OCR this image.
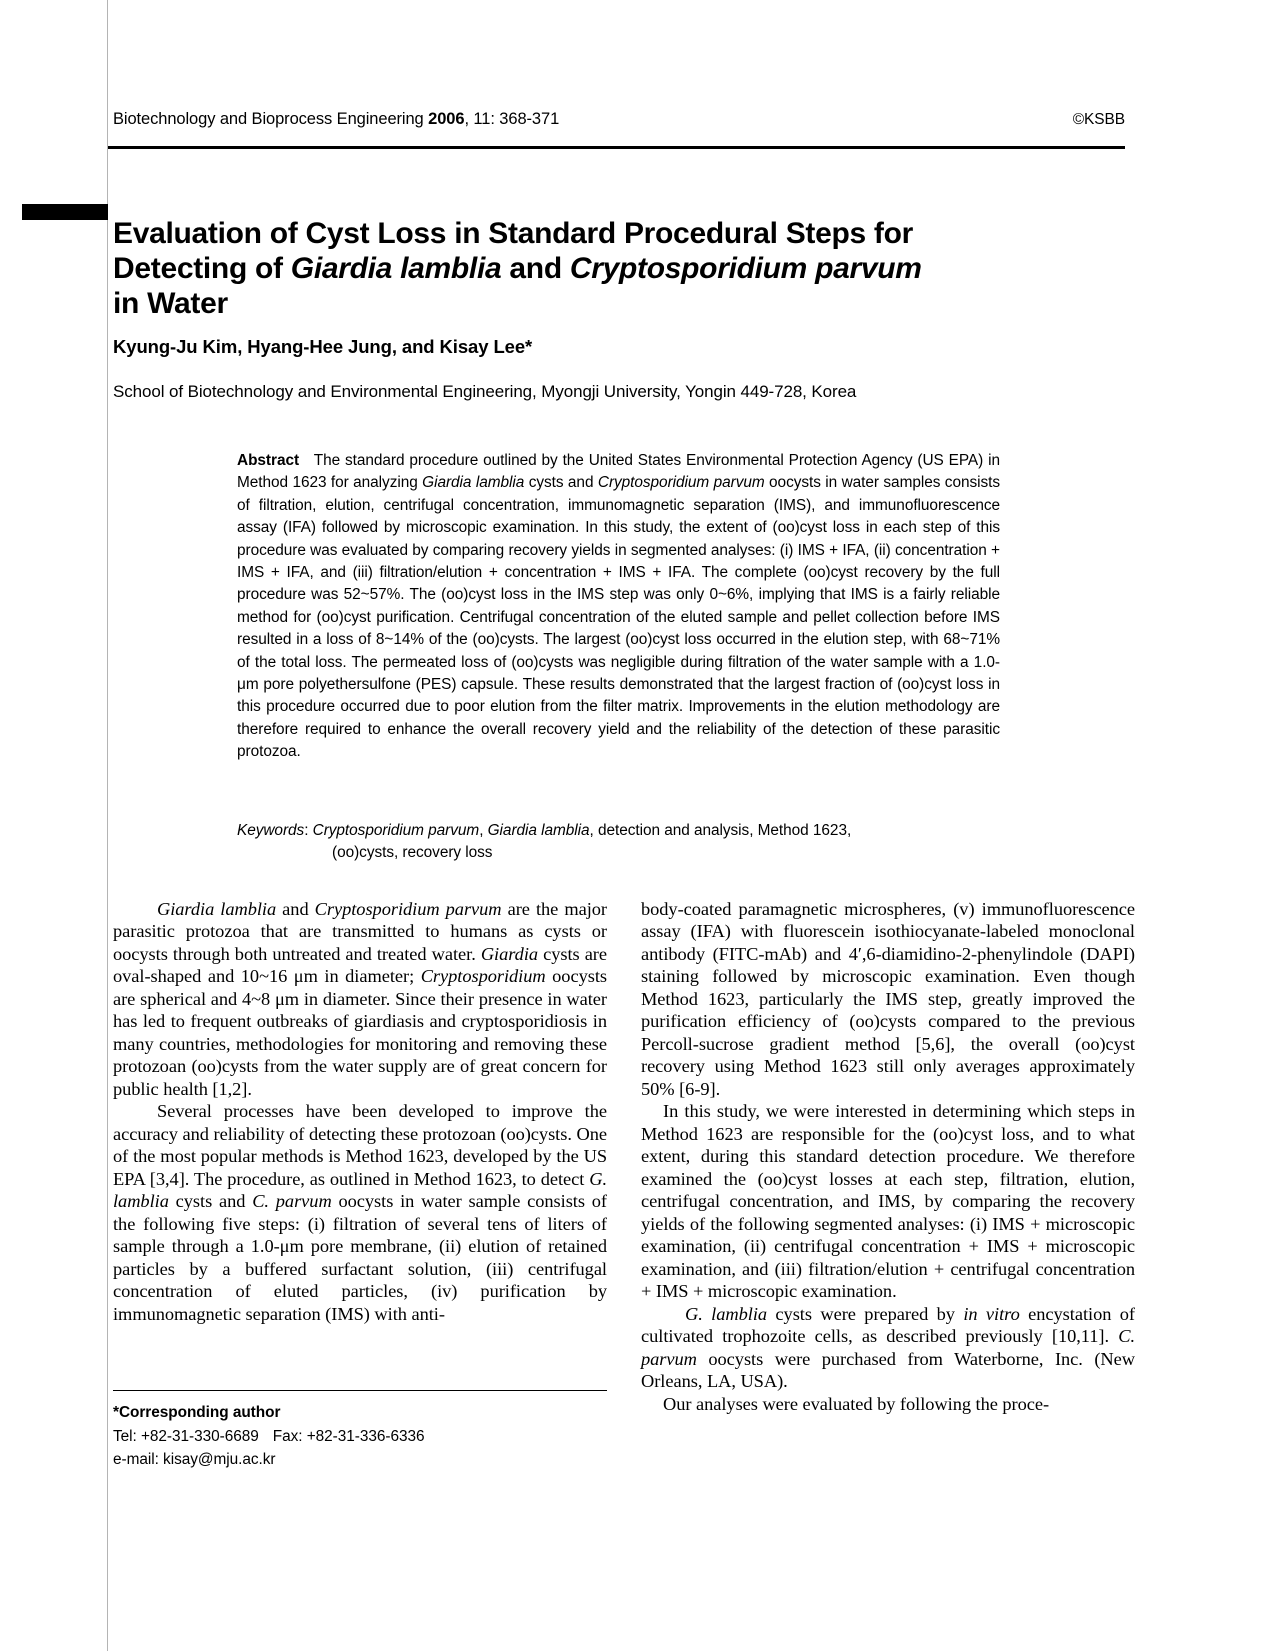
Biotechnology and Bioprocess Engineering 2006, 11: 368-371	©KSBB
Evaluation of Cyst Loss in Standard Procedural Steps for
Detecting of Giardia lamblia and Cryptosporidium parvum
in Water
Kyung-Ju Kim, Hyang-Hee Jung, and Kisay Lee*
School of Biotechnology and Environmental Engineering, Myongji University, Yongin 449-728, Korea
Abstract The standard procedure outlined by the United States Environmental Protection Agency (US EPA) in Method 1623 for analyzing Giardia lamblia cysts and Cryptosporidium parvum oocysts in water samples consists of filtration, elution, centrifugal concentration, immunomagnetic separation (IMS), and immunofluorescence assay (IFA) followed by microscopic examination. In this study, the extent of (oo)cyst loss in each step of this procedure was evaluated by comparing recovery yields in segmented analyses: (i) IMS + IFA, (ii) concentration + IMS + IFA, and (iii) filtration/elution + concentration + IMS + IFA. The complete (oo)cyst recovery by the full procedure was 52~57%. The (oo)cyst loss in the IMS step was only 0~6%, implying that IMS is a fairly reliable method for (oo)cyst purification. Centrifugal concentration of the eluted sample and pellet collection before IMS resulted in a loss of 8~14% of the (oo)cysts. The largest (oo)cyst loss occurred in the elution step, with 68~71% of the total loss. The permeated loss of (oo)cysts was negligible during filtration of the water sample with a 1.0-μm pore polyethersulfone (PES) capsule. These results demonstrated that the largest fraction of (oo)cyst loss in this procedure occurred due to poor elution from the filter matrix. Improvements in the elution methodology are therefore required to enhance the overall recovery yield and the reliability of the detection of these parasitic protozoa.
Keywords: Cryptosporidium parvum, Giardia lamblia, detection and analysis, Method 1623,
(oo)cysts, recovery loss

Giardia lamblia and Cryptosporidium parvum are the major parasitic protozoa that are transmitted to humans as cysts or oocysts through both untreated and treated water. Giardia cysts are oval-shaped and 10~16 μm in diameter; Cryptosporidium oocysts are spherical and 4~8 μm in diameter. Since their presence in water has led to frequent outbreaks of giardiasis and cryptosporidiosis in many countries, methodologies for monitoring and removing these protozoan (oo)cysts from the water supply are of great concern for public health [1,2].

Several processes have been developed to improve the accuracy and reliability of detecting these protozoan (oo)cysts. One of the most popular methods is Method 1623, developed by the US EPA [3,4]. The procedure, as outlined in Method 1623, to detect G. lamblia cysts and C. parvum oocysts in water sample consists of the following five steps: (i) filtration of several tens of liters of sample through a 1.0-μm pore membrane, (ii) elution of retained particles by a buffered surfactant solution, (iii) centrifugal concentration of eluted particles, (iv) purification by immunomagnetic separation (IMS) with anti-

body-coated paramagnetic microspheres, (v) immunofluorescence assay (IFA) with fluorescein isothiocyanate-labeled monoclonal antibody (FITC-mAb) and 4′,6-diamidino-2-phenylindole (DAPI) staining followed by microscopic examination. Even though Method 1623, particularly the IMS step, greatly improved the purification efficiency of (oo)cysts compared to the previous Percoll-sucrose gradient method [5,6], the overall (oo)cyst recovery using Method 1623 still only averages approximately 50% [6-9].

In this study, we were interested in determining which steps in Method 1623 are responsible for the (oo)cyst loss, and to what extent, during this standard detection procedure. We therefore examined the (oo)cyst losses at each step, filtration, elution, centrifugal concentration, and IMS, by comparing the recovery yields of the following segmented analyses: (i) IMS + microscopic examination, (ii) centrifugal concentration + IMS + microscopic examination, and (iii) filtration/elution + centrifugal concentration + IMS + microscopic examination.

G. lamblia cysts were prepared by in vitro encystation of cultivated trophozoite cells, as described previously [10,11]. C. parvum oocysts were purchased from Waterborne, Inc. (New Orleans, LA, USA).

Our analyses were evaluated by following the proce-

*Corresponding author
Tel: +82-31-330-6689 Fax: +82-31-336-6336
e-mail: kisay@mju.ac.kr
